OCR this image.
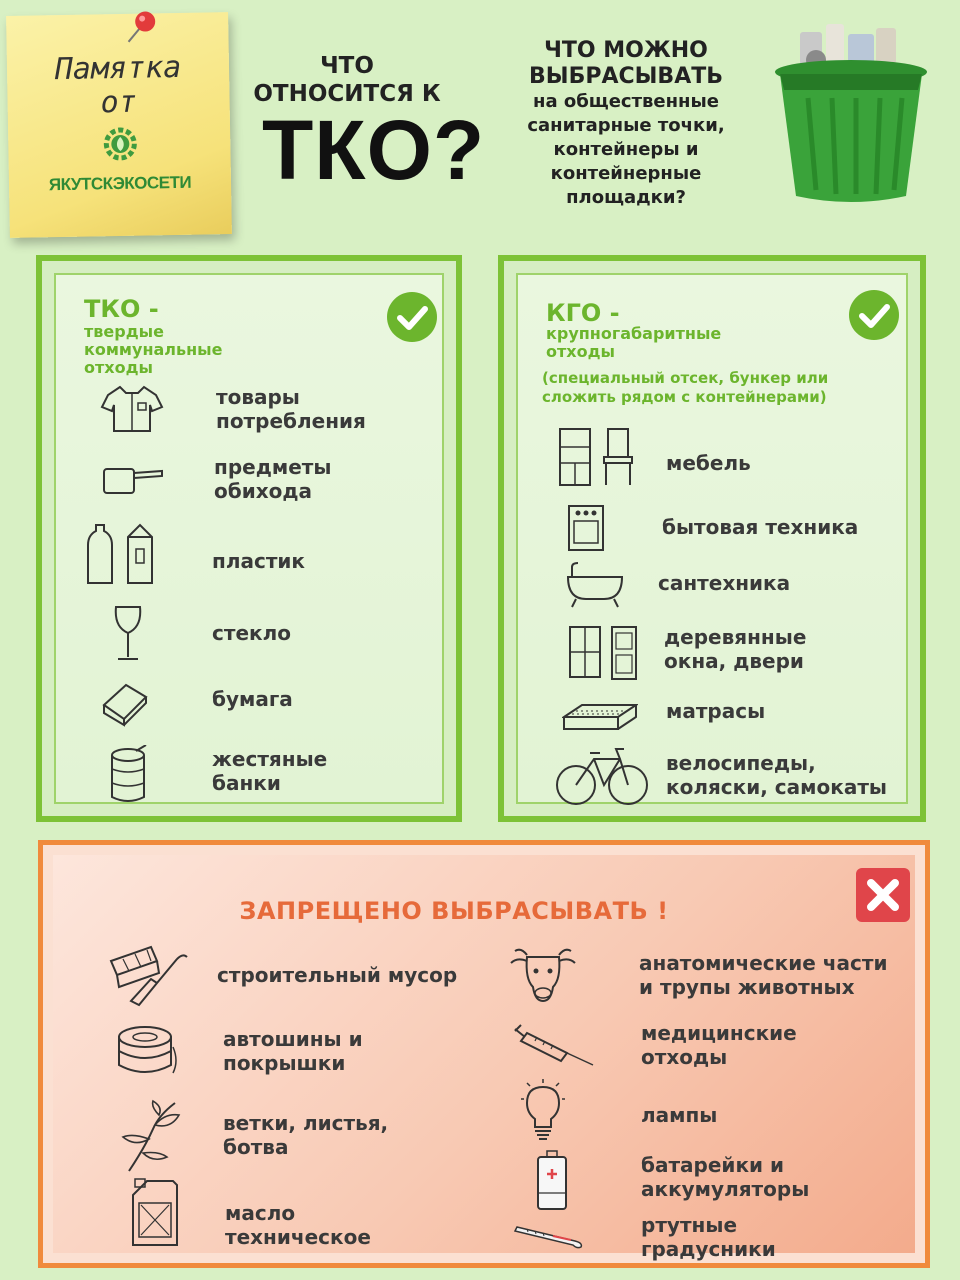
Памятка
от
ЯКУТСКЭКОСЕТИ
ЧТО
ОТНОСИТСЯ К
ТКО?
ЧТО МОЖНО
ВЫБРАСЫВАТЬ
на общественные
санитарные точки,
контейнеры и
контейнерные
площадки?
ТКО -
твердые
коммунальные
отходы
товары
потребления
предметы
обихода
пластик
стекло
бумага
жестяные
банки
КГО -
крупногабаритные
отходы
(специальный отсек, бункер или
сложить рядом с контейнерами)
мебель
бытовая техника
сантехника
деревянные
окна, двери
матрасы
велосипеды,
коляски, самокаты
ЗАПРЕЩЕНО ВЫБРАСЫВАТЬ !
строительный мусор
автошины и
покрышки
ветки, листья,
ботва
масло
техническое
анатомические части
и трупы животных
медицинские
отходы
лампы
батарейки и
аккумуляторы
ртутные
градусники
